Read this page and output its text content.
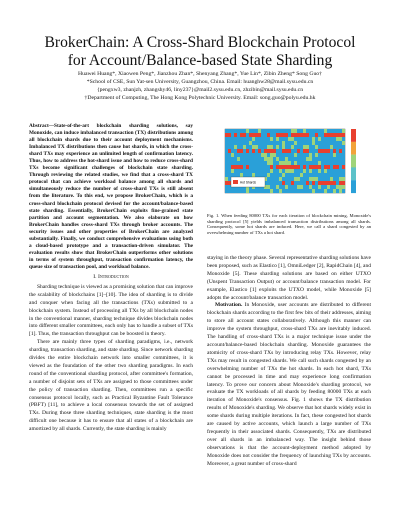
BrokerChain: A Cross-Shard Blockchain Protocol
for Account/Balance-based State Sharding
Huawei Huang*, Xiaowen Peng*, Jianzhou Zhan*, Shenyang Zhang*, Yue Lin*, Zibin Zheng* Song Guo†
*School of CSE, Sun Yat-sen University, Guangzhou, China. Email: huanghw28@mail.sysu.edu.cn
{pengxw3, zhanjzh, zhangshy46, liny237}@mail2.sysu.edu.cn, zhzibin@mail.sysu.edu.cn
†Department of Computing, The Hong Kong Polytechnic University. Email: song.guo@polyu.edu.hk
Abstract—State-of-the-art blockchain sharding solutions, say Monoxide, can induce imbalanced transaction (TX) distributions among all blockchain shards due to their account deployment mechanisms. Imbalanced TX distributions then cause hot shards, in which the cross-shard TXs may experience an unlimited length of confirmation latency. Thus, how to address the hot-shard issue and how to reduce cross-shard TXs become significant challenges of blockchain state sharding. Through reviewing the related studies, we find that a cross-shard TX protocol that can achieve workload balance among all shards and simultaneously reduce the number of cross-shard TXs is still absent from the literature. To this end, we propose BrokerChain, which is a cross-shard blockchain protocol devised for the account/balance-based state sharding. Essentially, BrokerChain exploits fine-grained state partition and account segmentation. We also elaborate on how BrokerChain handles cross-shard TXs through broker accounts. The security issues and other properties of BrokerChain are analyzed substantially. Finally, we conduct comprehensive evaluations using both a cloud-based prototype and a transaction-driven simulator. The evaluation results show that BrokerChain outperforms other solutions in terms of system throughput, transaction confirmation latency, the queue size of transaction pool, and workload balance.
I. Introduction

Sharding technique is viewed as a promising solution that can improve the scalability of blockchains [1]–[10]. The idea of sharding is to divide and conquer when facing all the transactions (TXs) submitted to a blockchain system. Instead of processing all TXs by all blockchain nodes in the conventional manner, sharding technique divides blockchain nodes into different smaller committees, each only has to handle a subset of TXs [1]. Thus, the transaction throughput can be boosted in theory.

There are mainly three types of sharding paradigms, i.e., network sharding, transaction sharding, and state sharding. Since network sharding divides the entire blockchain network into smaller committees, it is viewed as the foundation of the other two sharding paradigms. In each round of the conventional sharding protocol, after committee's formation, a number of disjoint sets of TXs are assigned to those committees under the policy of transaction sharding. Then, committees run a specific consensus protocol locally, such as Practical Byzantine Fault Tolerance (PBFT) [11], to achieve a local consensus towards the set of assigned TXs. During those three sharding techniques, state sharding is the most difficult one because it has to ensure that all states of a blockchain are amortized by all shards. Currently, the state sharding is mainly

Hot Shards
Fig. 1. When feeding 80000 TXs for each iteration of blockchain mining, Monoxide's sharding protocol [5] yields imbalanced transaction distributions among all shards. Consequently, some hot shards are induced. Here, we call a shard congested by an overwhelming number of TXs a hot shard.

staying in the theory phase. Several representative sharding solutions have been proposed, such as Elastico [1], OmniLedger [2], RapidChain [4], and Monoxide [5]. These sharding solutions are based on either UTXO (Unspent Transaction Output) or account/balance transaction model. For example, Elastico [1] exploits the UTXO model, while Monoxide [5] adopts the account/balance transaction model.

Motivation. In Monoxide, user accounts are distributed to different blockchain shards according to the first few bits of their addresses, aiming to store all account states collaboratively. Although this manner can improve the system throughput, cross-shard TXs are inevitably induced. The handling of cross-shard TXs is a major technique issue under the account/balance-based blockchain sharding. Monoxide guarantees the atomicity of cross-shard TXs by introducing relay TXs. However, relay TXs may result in congested shards. We call such shards congested by an overwhelming number of TXs the hot shards. In each hot shard, TXs cannot be processed in time and may experience long confirmation latency. To prove our concern about Monoxide's sharding protocol, we evaluate the TX workloads of all shards by feeding 80000 TXs at each iteration of Monoxide's consensus. Fig. 1 shows the TX distribution results of Monoxide's sharding. We observe that hot shards widely exist in some shards during multiple iterations. In fact, these congested hot shards are caused by active accounts, which launch a large number of TXs frequently in their associated shards. Consequently, TXs are distributed over all shards in an imbalanced way. The insight behind those observations is that the account-deployment method adopted by Monoxide does not consider the frequency of launching TXs by accounts. Moreover, a great number of cross-shard
